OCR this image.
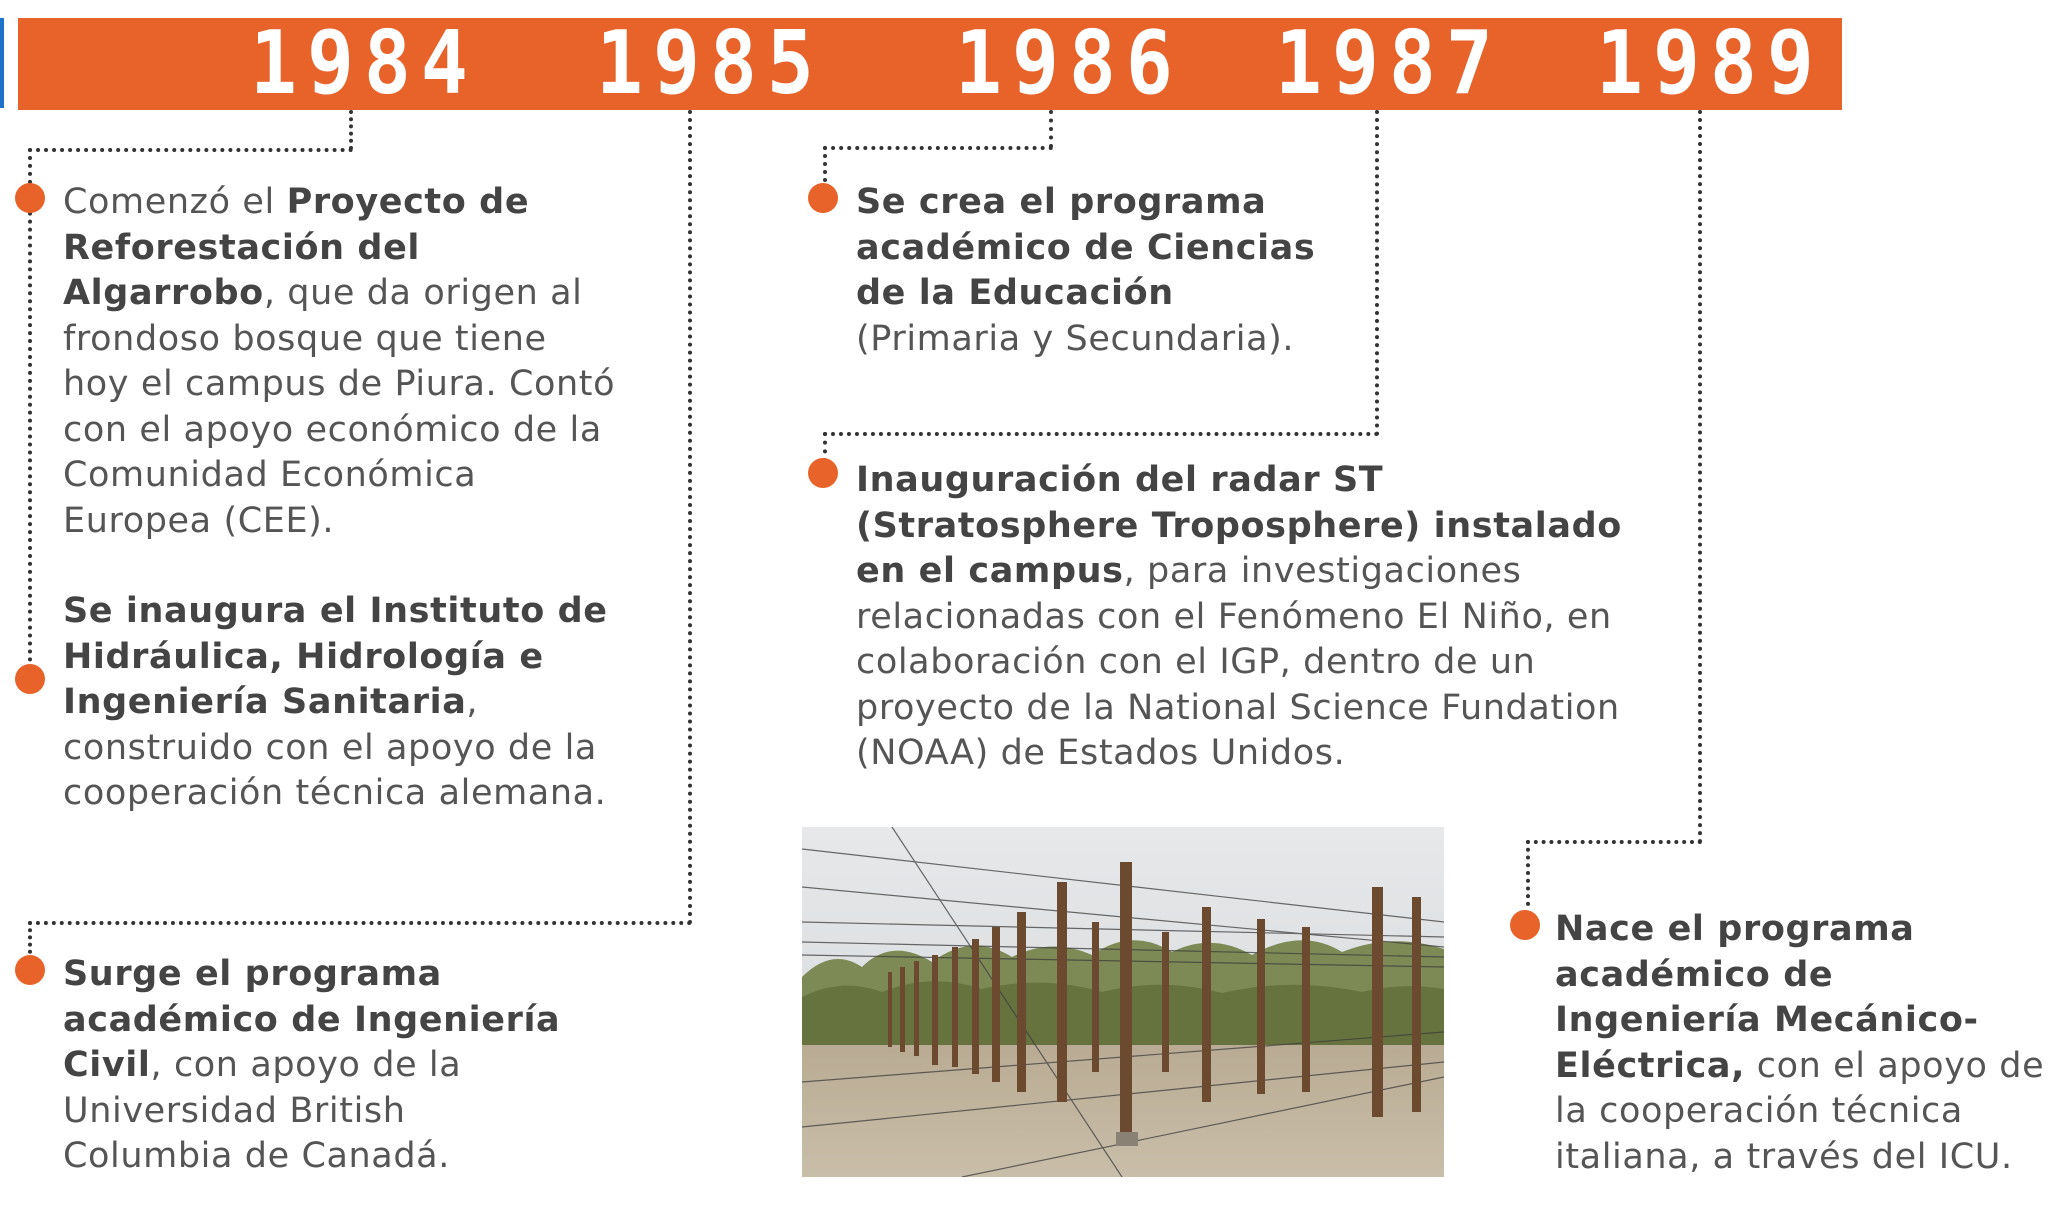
1984 1985 1986 1987 1989
Comenzó el Proyecto de Reforestación del Algarrobo, que da origen al frondoso bosque que tiene hoy el campus de Piura. Contó con el apoyo económico de la Comunidad Económica Europea (CEE).
Se inaugura el Instituto de Hidráulica, Hidrología e Ingeniería Sanitaria, construido con el apoyo de la cooperación técnica alemana.
Surge el programa académico de Ingeniería Civil, con apoyo de la Universidad British Columbia de Canadá.
Se crea el programa académico de Ciencias de la Educación (Primaria y Secundaria).
Inauguración del radar ST (Stratosphere Troposphere) instalado en el campus, para investigaciones relacionadas con el Fenómeno El Niño, en colaboración con el IGP, dentro de un proyecto de la National Science Fundation (NOAA) de Estados Unidos.
Nace el programa académico de Ingeniería Mecánico-Eléctrica, con el apoyo de la cooperación técnica italiana, a través del ICU.
